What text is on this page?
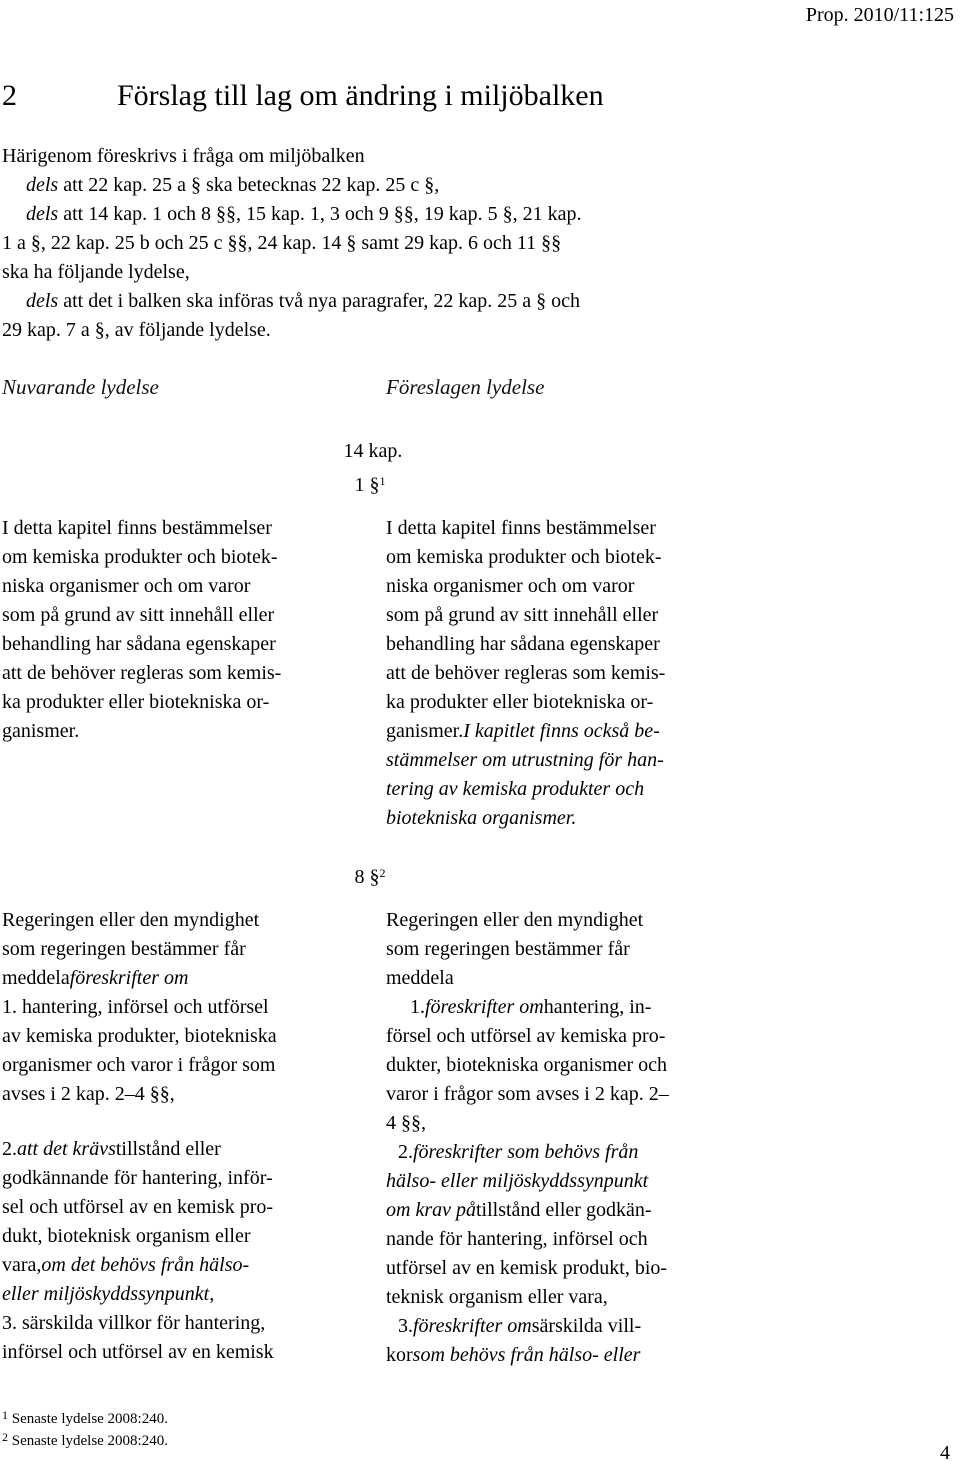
Prop. 2010/11:125
2	Förslag till lag om ändring i miljöbalken
Härigenom föreskrivs i fråga om miljöbalken
dels att 22 kap. 25 a § ska betecknas 22 kap. 25 c §,
dels att 14 kap. 1 och 8 §§, 15 kap. 1, 3 och 9 §§, 19 kap. 5 §, 21 kap.
1 a §, 22 kap. 25 b och 25 c §§, 24 kap. 14 § samt 29 kap. 6 och 11 §§
ska ha följande lydelse,
dels att det i balken ska införas två nya paragrafer, 22 kap. 25 a § och
29 kap. 7 a §, av följande lydelse.
Nuvarande lydelse	Föreslagen lydelse
14 kap.
1 §$^1$
I detta kapitel finns bestämmelser
om kemiska produkter och biotek-
niska organismer och om varor
som på grund av sitt innehåll eller
behandling har sådana egenskaper
att de behöver regleras som kemis-
ka produkter eller biotekniska or-
ganismer.
I detta kapitel finns bestämmelser
om kemiska produkter och biotek-
niska organismer och om varor
som på grund av sitt innehåll eller
behandling har sådana egenskaper
att de behöver regleras som kemis-
ka produkter eller biotekniska or-
ganismer. I kapitlet finns också be-
stämmelser om utrustning för han-
tering av kemiska produkter och
biotekniska organismer.
8 §$^2$
Regeringen eller den myndighet
som regeringen bestämmer får
meddela föreskrifter om
1. hantering, införsel och utförsel
av kemiska produkter, biotekniska
organismer och varor i frågor som
avses i 2 kap. 2–4 §§,
2. att det krävs tillstånd eller
godkännande för hantering, inför-
sel och utförsel av en kemisk pro-
dukt, bioteknisk organism eller
vara, om det behövs från hälso-
eller miljöskyddssynpunkt ,
3. särskilda villkor för hantering,
införsel och utförsel av en kemisk
Regeringen eller den myndighet
som regeringen bestämmer får
meddela
1. föreskrifter om hantering, in-
försel och utförsel av kemiska pro-
dukter, biotekniska organismer och
varor i frågor som avses i 2 kap. 2–
4 §§,
2. föreskrifter som behövs från
hälso- eller miljöskyddssynpunkt
om krav på tillstånd eller godkän-
nande för hantering, införsel och
utförsel av en kemisk produkt, bio-
teknisk organism eller vara,
3. föreskrifter om särskilda vill-
kor som behövs från hälso- eller
$^1$ Senaste lydelse 2008:240.
$^2$ Senaste lydelse 2008:240.
4
